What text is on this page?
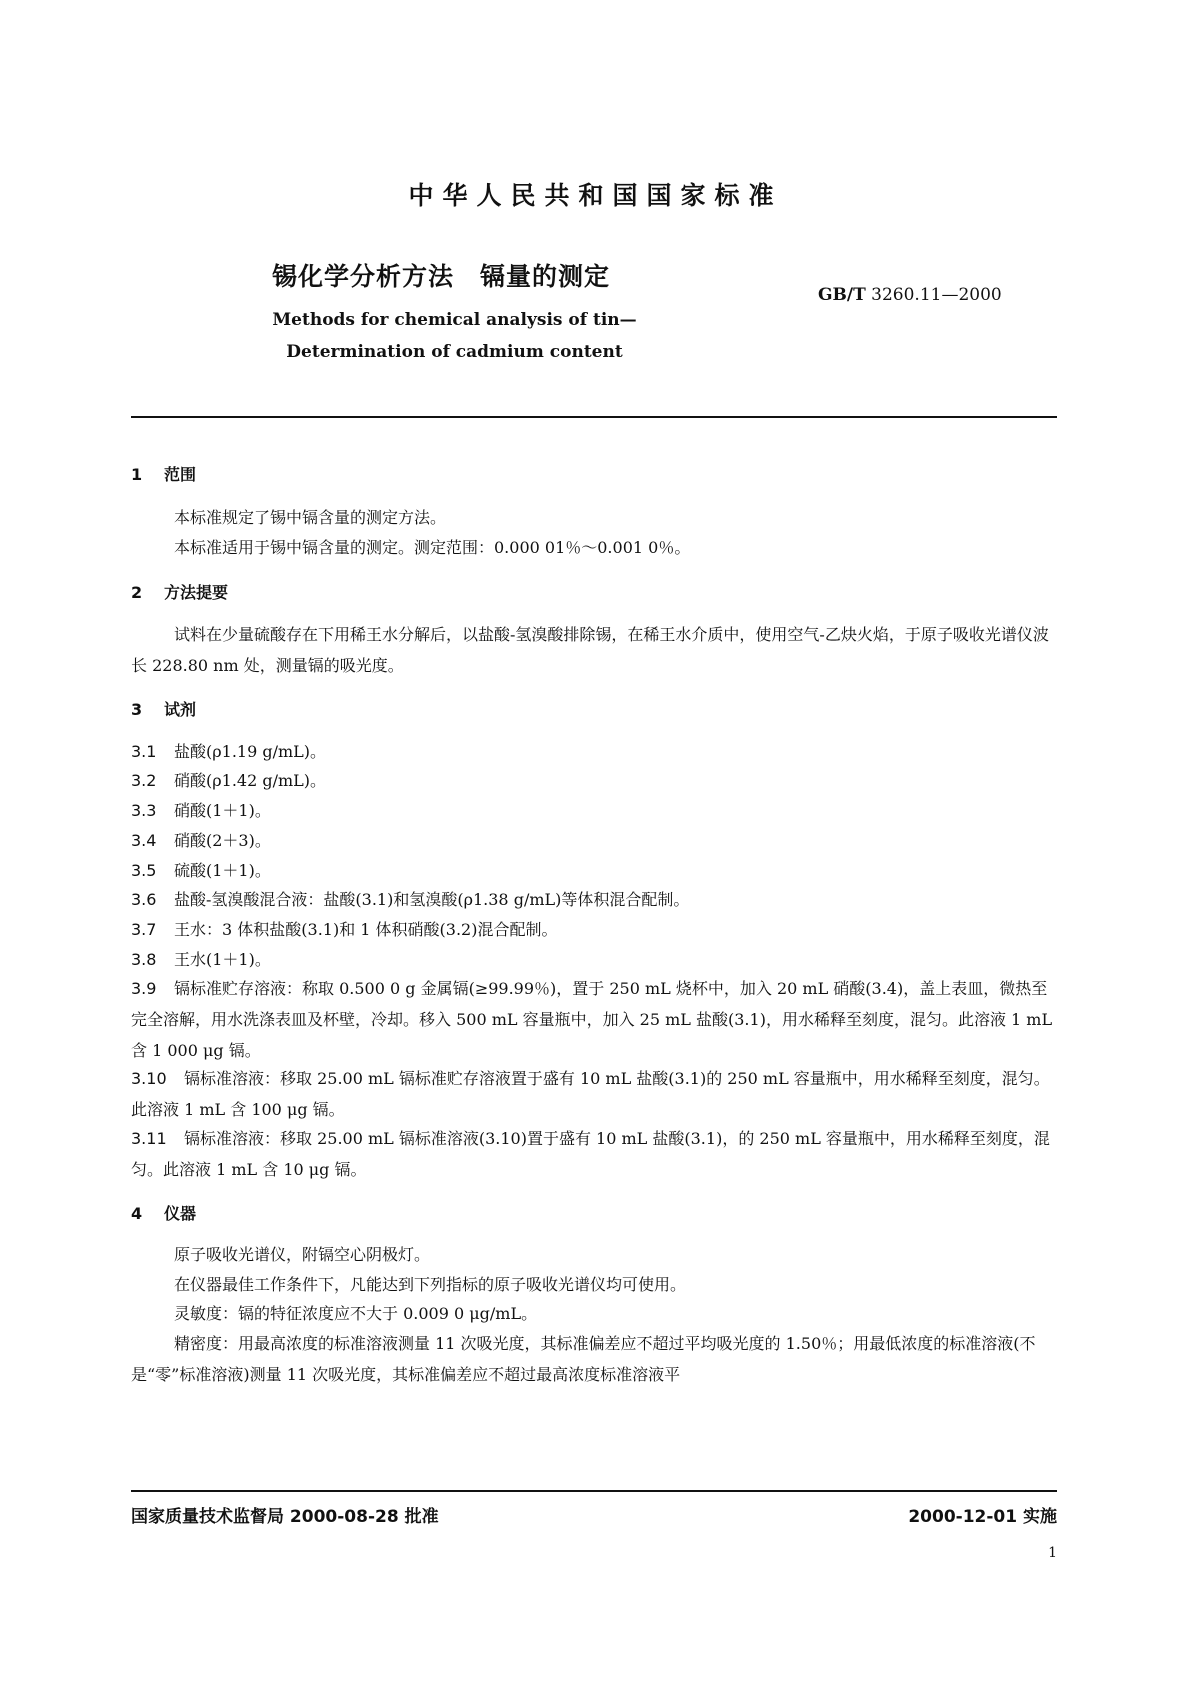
中华人民共和国国家标准
锡化学分析方法　镉量的测定
GB/T 3260.11—2000
Methods for chemical analysis of tin—
Determination of cadmium content
1 范围
本标准规定了锡中镉含量的测定方法。
本标准适用于锡中镉含量的测定。测定范围：0.000 01％～0.001 0％。
2 方法提要
试料在少量硫酸存在下用稀王水分解后，以盐酸-氢溴酸排除锡，在稀王水介质中，使用空气-乙炔火焰，于原子吸收光谱仪波长 228.80 nm 处，测量镉的吸光度。
3 试剂
3.1 盐酸(ρ1.19 g/mL)。
3.2 硝酸(ρ1.42 g/mL)。
3.3 硝酸(1＋1)。
3.4 硝酸(2＋3)。
3.5 硫酸(1＋1)。
3.6 盐酸-氢溴酸混合液：盐酸(3.1)和氢溴酸(ρ1.38 g/mL)等体积混合配制。
3.7 王水：3 体积盐酸(3.1)和 1 体积硝酸(3.2)混合配制。
3.8 王水(1＋1)。
3.9 镉标准贮存溶液：称取 0.500 0 g 金属镉(≥99.99％)，置于 250 mL 烧杯中，加入 20 mL 硝酸(3.4)，盖上表皿，微热至完全溶解，用水洗涤表皿及杯壁，冷却。移入 500 mL 容量瓶中，加入 25 mL 盐酸(3.1)，用水稀释至刻度，混匀。此溶液 1 mL 含 1 000 μg 镉。
3.10 镉标准溶液：移取 25.00 mL 镉标准贮存溶液置于盛有 10 mL 盐酸(3.1)的 250 mL 容量瓶中，用水稀释至刻度，混匀。此溶液 1 mL 含 100 μg 镉。
3.11 镉标准溶液：移取 25.00 mL 镉标准溶液(3.10)置于盛有 10 mL 盐酸(3.1)，的 250 mL 容量瓶中，用水稀释至刻度，混匀。此溶液 1 mL 含 10 μg 镉。
4 仪器
原子吸收光谱仪，附镉空心阴极灯。
在仪器最佳工作条件下，凡能达到下列指标的原子吸收光谱仪均可使用。
灵敏度：镉的特征浓度应不大于 0.009 0 μg/mL。
精密度：用最高浓度的标准溶液测量 11 次吸光度，其标准偏差应不超过平均吸光度的 1.50％；用最低浓度的标准溶液(不是“零”标准溶液)测量 11 次吸光度，其标准偏差应不超过最高浓度标准溶液平
国家质量技术监督局 2000-08-28 批准	2000-12-01 实施
1
